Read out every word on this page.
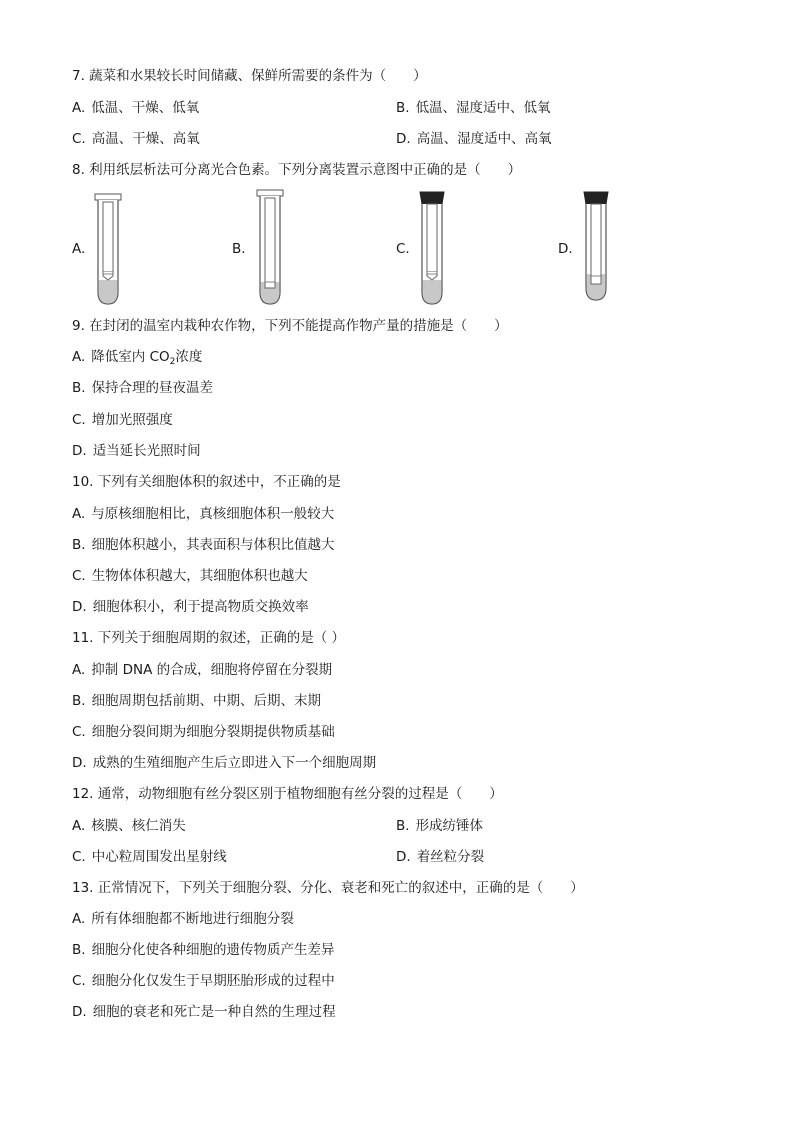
7. 蔬菜和水果较长时间储藏、保鲜所需要的条件为（　　）
A. 低温、干燥、低氧	B. 低温、湿度适中、低氧
C. 高温、干燥、高氧	D. 高温、湿度适中、高氧
8. 利用纸层析法可分离光合色素。下列分离装置示意图中正确的是（　　）
A.	B.	C.	D.
9. 在封闭的温室内栽种农作物，下列不能提高作物产量的措施是（　　）
A. 降低室内 $CO_2$浓度
B. 保持合理的昼夜温差
C. 增加光照强度
D. 适当延长光照时间
10. 下列有关细胞体积的叙述中，不正确的是
A. 与原核细胞相比，真核细胞体积一般较大
B. 细胞体积越小，其表面积与体积比值越大
C. 生物体体积越大，其细胞体积也越大
D. 细胞体积小，利于提高物质交换效率
11. 下列关于细胞周期的叙述，正确的是（ ）
A. 抑制 DNA 的合成，细胞将停留在分裂期
B. 细胞周期包括前期、中期、后期、末期
C. 细胞分裂间期为细胞分裂期提供物质基础
D. 成熟的生殖细胞产生后立即进入下一个细胞周期
12. 通常，动物细胞有丝分裂区别于植物细胞有丝分裂的过程是（　　）
A. 核膜、核仁消失	B. 形成纺锤体
C. 中心粒周围发出星射线	D. 着丝粒分裂
13. 正常情况下，下列关于细胞分裂、分化、衰老和死亡的叙述中，正确的是（　　）
A. 所有体细胞都不断地进行细胞分裂
B. 细胞分化使各种细胞的遗传物质产生差异
C. 细胞分化仅发生于早期胚胎形成的过程中
D. 细胞的衰老和死亡是一种自然的生理过程
